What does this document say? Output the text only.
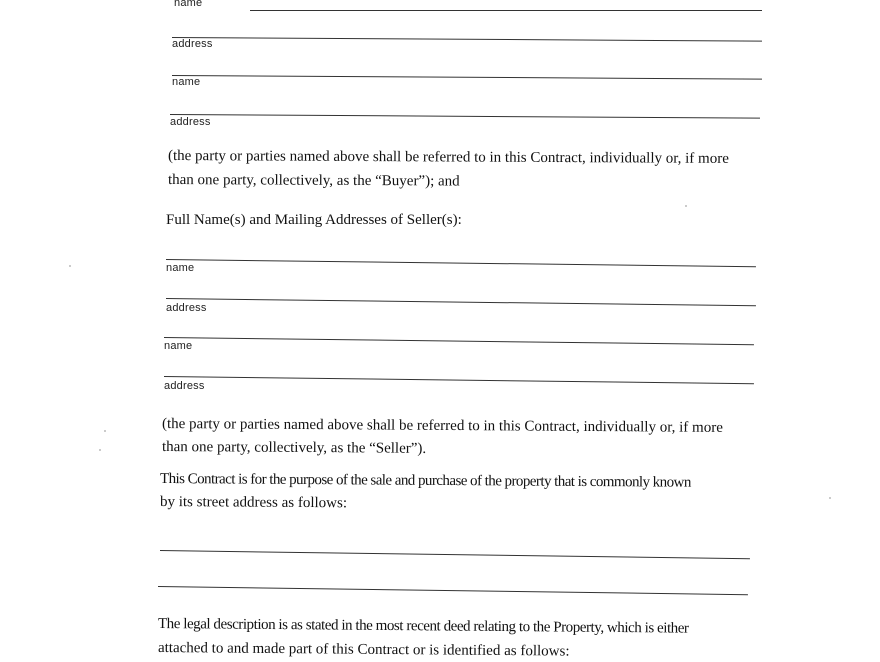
name
address
name
address

(the party or parties named above shall be referred to in this Contract, individually or, if more

than one party, collectively, as the “Buyer”); and

Full Name(s) and Mailing Addresses of Seller(s):

name
address
name
address

(the party or parties named above shall be referred to in this Contract, individually or, if more

than one party, collectively, as the “Seller”).

This Contract is for the purpose of the sale and purchase of the property that is commonly known

by its street address as follows:

The legal description is as stated in the most recent deed relating to the Property, which is either

attached to and made part of this Contract or is identified as follows:
